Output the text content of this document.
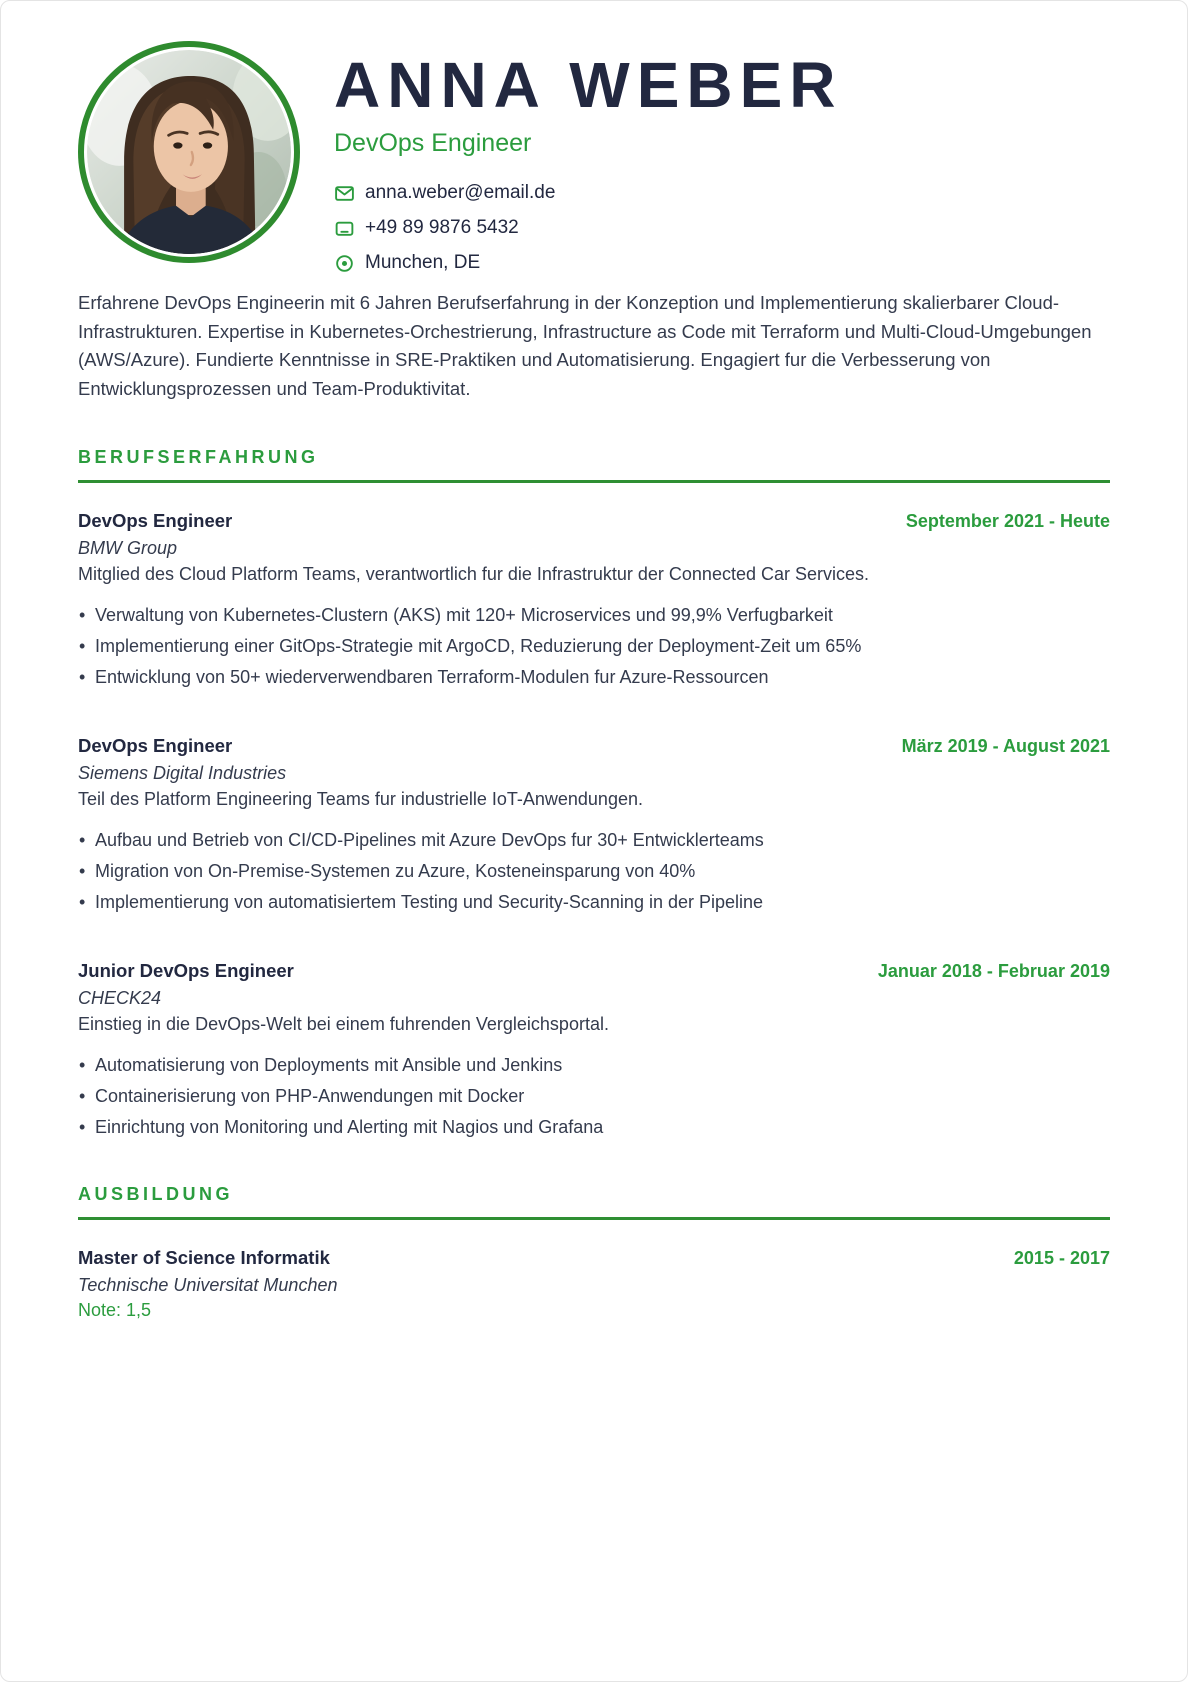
ANNA WEBER
DevOps Engineer
anna.weber@email.de
+49 89 9876 5432
Munchen, DE

Erfahrene DevOps Engineerin mit 6 Jahren Berufserfahrung in der Konzeption und Implementierung skalierbarer Cloud-Infrastrukturen. Expertise in Kubernetes-Orchestrierung, Infrastructure as Code mit Terraform und Multi-Cloud-Umgebungen (AWS/Azure). Fundierte Kenntnisse in SRE-Praktiken und Automatisierung. Engagiert fur die Verbesserung von Entwicklungsprozessen und Team-Produktivitat.

BERUFSERFAHRUNG
DevOps Engineer	September 2021 - Heute
BMW Group
Mitglied des Cloud Platform Teams, verantwortlich fur die Infrastruktur der Connected Car Services.
• Verwaltung von Kubernetes-Clustern (AKS) mit 120+ Microservices und 99,9% Verfugbarkeit
• Implementierung einer GitOps-Strategie mit ArgoCD, Reduzierung der Deployment-Zeit um 65%
• Entwicklung von 50+ wiederverwendbaren Terraform-Modulen fur Azure-Ressourcen
DevOps Engineer	März 2019 - August 2021
Siemens Digital Industries
Teil des Platform Engineering Teams fur industrielle IoT-Anwendungen.
• Aufbau und Betrieb von CI/CD-Pipelines mit Azure DevOps fur 30+ Entwicklerteams
• Migration von On-Premise-Systemen zu Azure, Kosteneinsparung von 40%
• Implementierung von automatisiertem Testing und Security-Scanning in der Pipeline
Junior DevOps Engineer	Januar 2018 - Februar 2019
CHECK24
Einstieg in die DevOps-Welt bei einem fuhrenden Vergleichsportal.
• Automatisierung von Deployments mit Ansible und Jenkins
• Containerisierung von PHP-Anwendungen mit Docker
• Einrichtung von Monitoring und Alerting mit Nagios und Grafana
AUSBILDUNG
Master of Science Informatik	2015 - 2017
Technische Universitat Munchen
Note: 1,5
